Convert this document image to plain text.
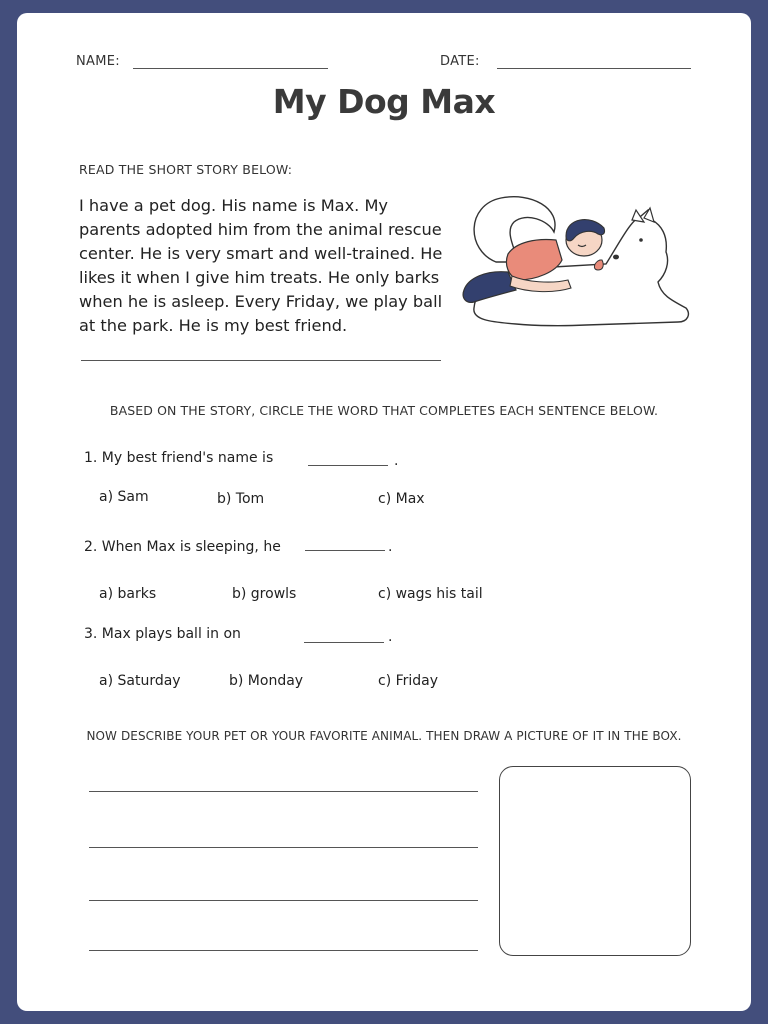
NAME:	DATE:
My Dog Max
READ THE SHORT STORY BELOW:
I have a pet dog. His name is Max. My
parents adopted him from the animal rescue
center. He is very smart and well-trained. He
likes it when I give him treats. He only barks
when he is asleep. Every Friday, we play ball
at the park. He is my best friend.
BASED ON THE STORY, CIRCLE THE WORD THAT COMPLETES EACH SENTENCE BELOW.
1. My best friend's name is	.
a) Sam	b) Tom	c) Max
2. When Max is sleeping, he	.
a) barks	b) growls	c) wags his tail
3. Max plays ball in on	.
a) Saturday	b) Monday	c) Friday
NOW DESCRIBE YOUR PET OR YOUR FAVORITE ANIMAL. THEN DRAW A PICTURE OF IT IN THE BOX.
